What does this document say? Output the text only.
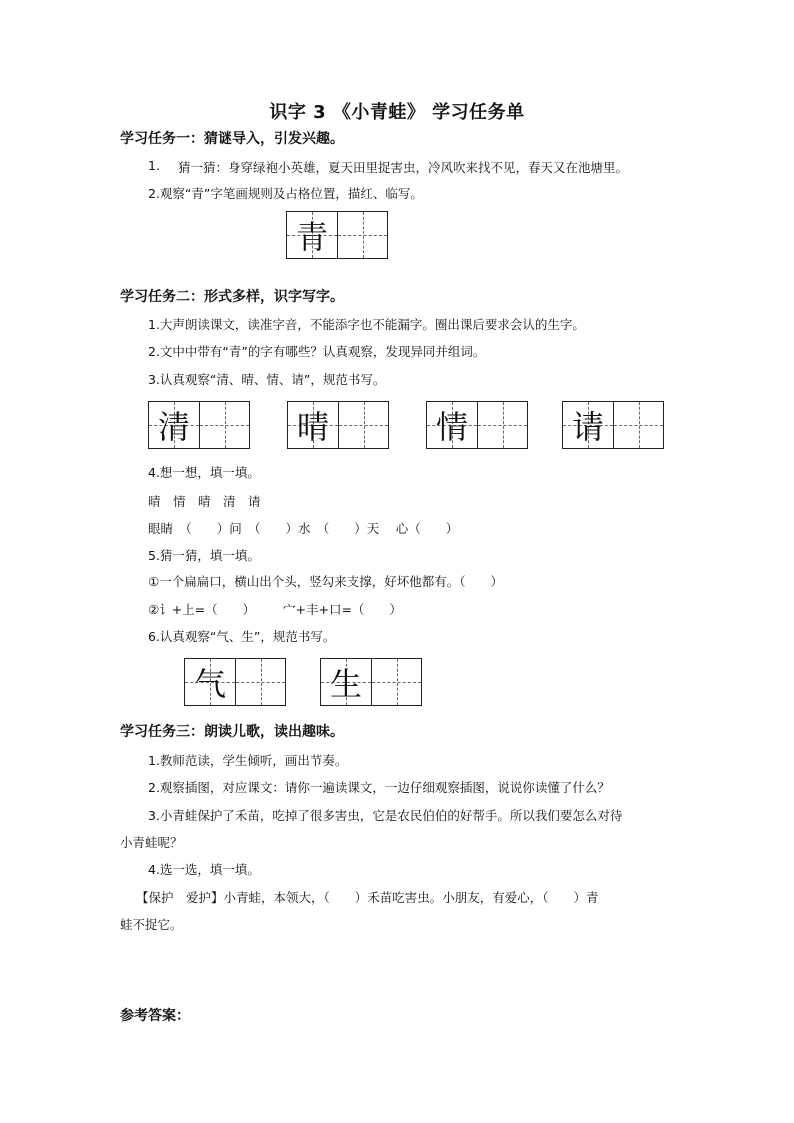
识字 3 《小青蛙》 学习任务单
学习任务一：猜谜导入，引发兴趣。
1. 猜一猜：身穿绿袍小英雄，夏天田里捉害虫，冷风吹来找不见，春天又在池塘里。
2.观察“青”字笔画规则及占格位置，描红、临写。
青
学习任务二：形式多样，识字写字。
1.大声朗读课文，读准字音，不能添字也不能漏字。圈出课后要求会认的生字。
2.文中中带有“青”的字有哪些？认真观察，发现异同并组词。
3.认真观察“清、晴、情、请”，规范书写。
清	晴	情	请
4.想一想，填一填。
晴　情　晴　清　请
眼睛　（　　）问　（　　）水　（　　）天　 心（　　）
5.猜一猜，填一填。
①一个扁扁口，横山出个头，竖勾来支撑，好坏他都有。（　　）
②讠+上=（　　） 宀+丰+口=（　　）
6.认真观察“气、生”，规范书写。
气	生
学习任务三：朗读儿歌，读出趣味。
1.教师范读，学生倾听，画出节奏。
2.观察插图，对应课文：请你一遍读课文，一边仔细观察插图，说说你读懂了什么？
3.小青蛙保护了禾苗，吃掉了很多害虫，它是农民伯伯的好帮手。所以我们要怎么对待
小青蛙呢？
4.选一选，填一填。
【保护　爱护】小青蛙，本领大，（　　）禾苗吃害虫。小朋友，有爱心，（　　）青
蛙不捉它。
参考答案：
